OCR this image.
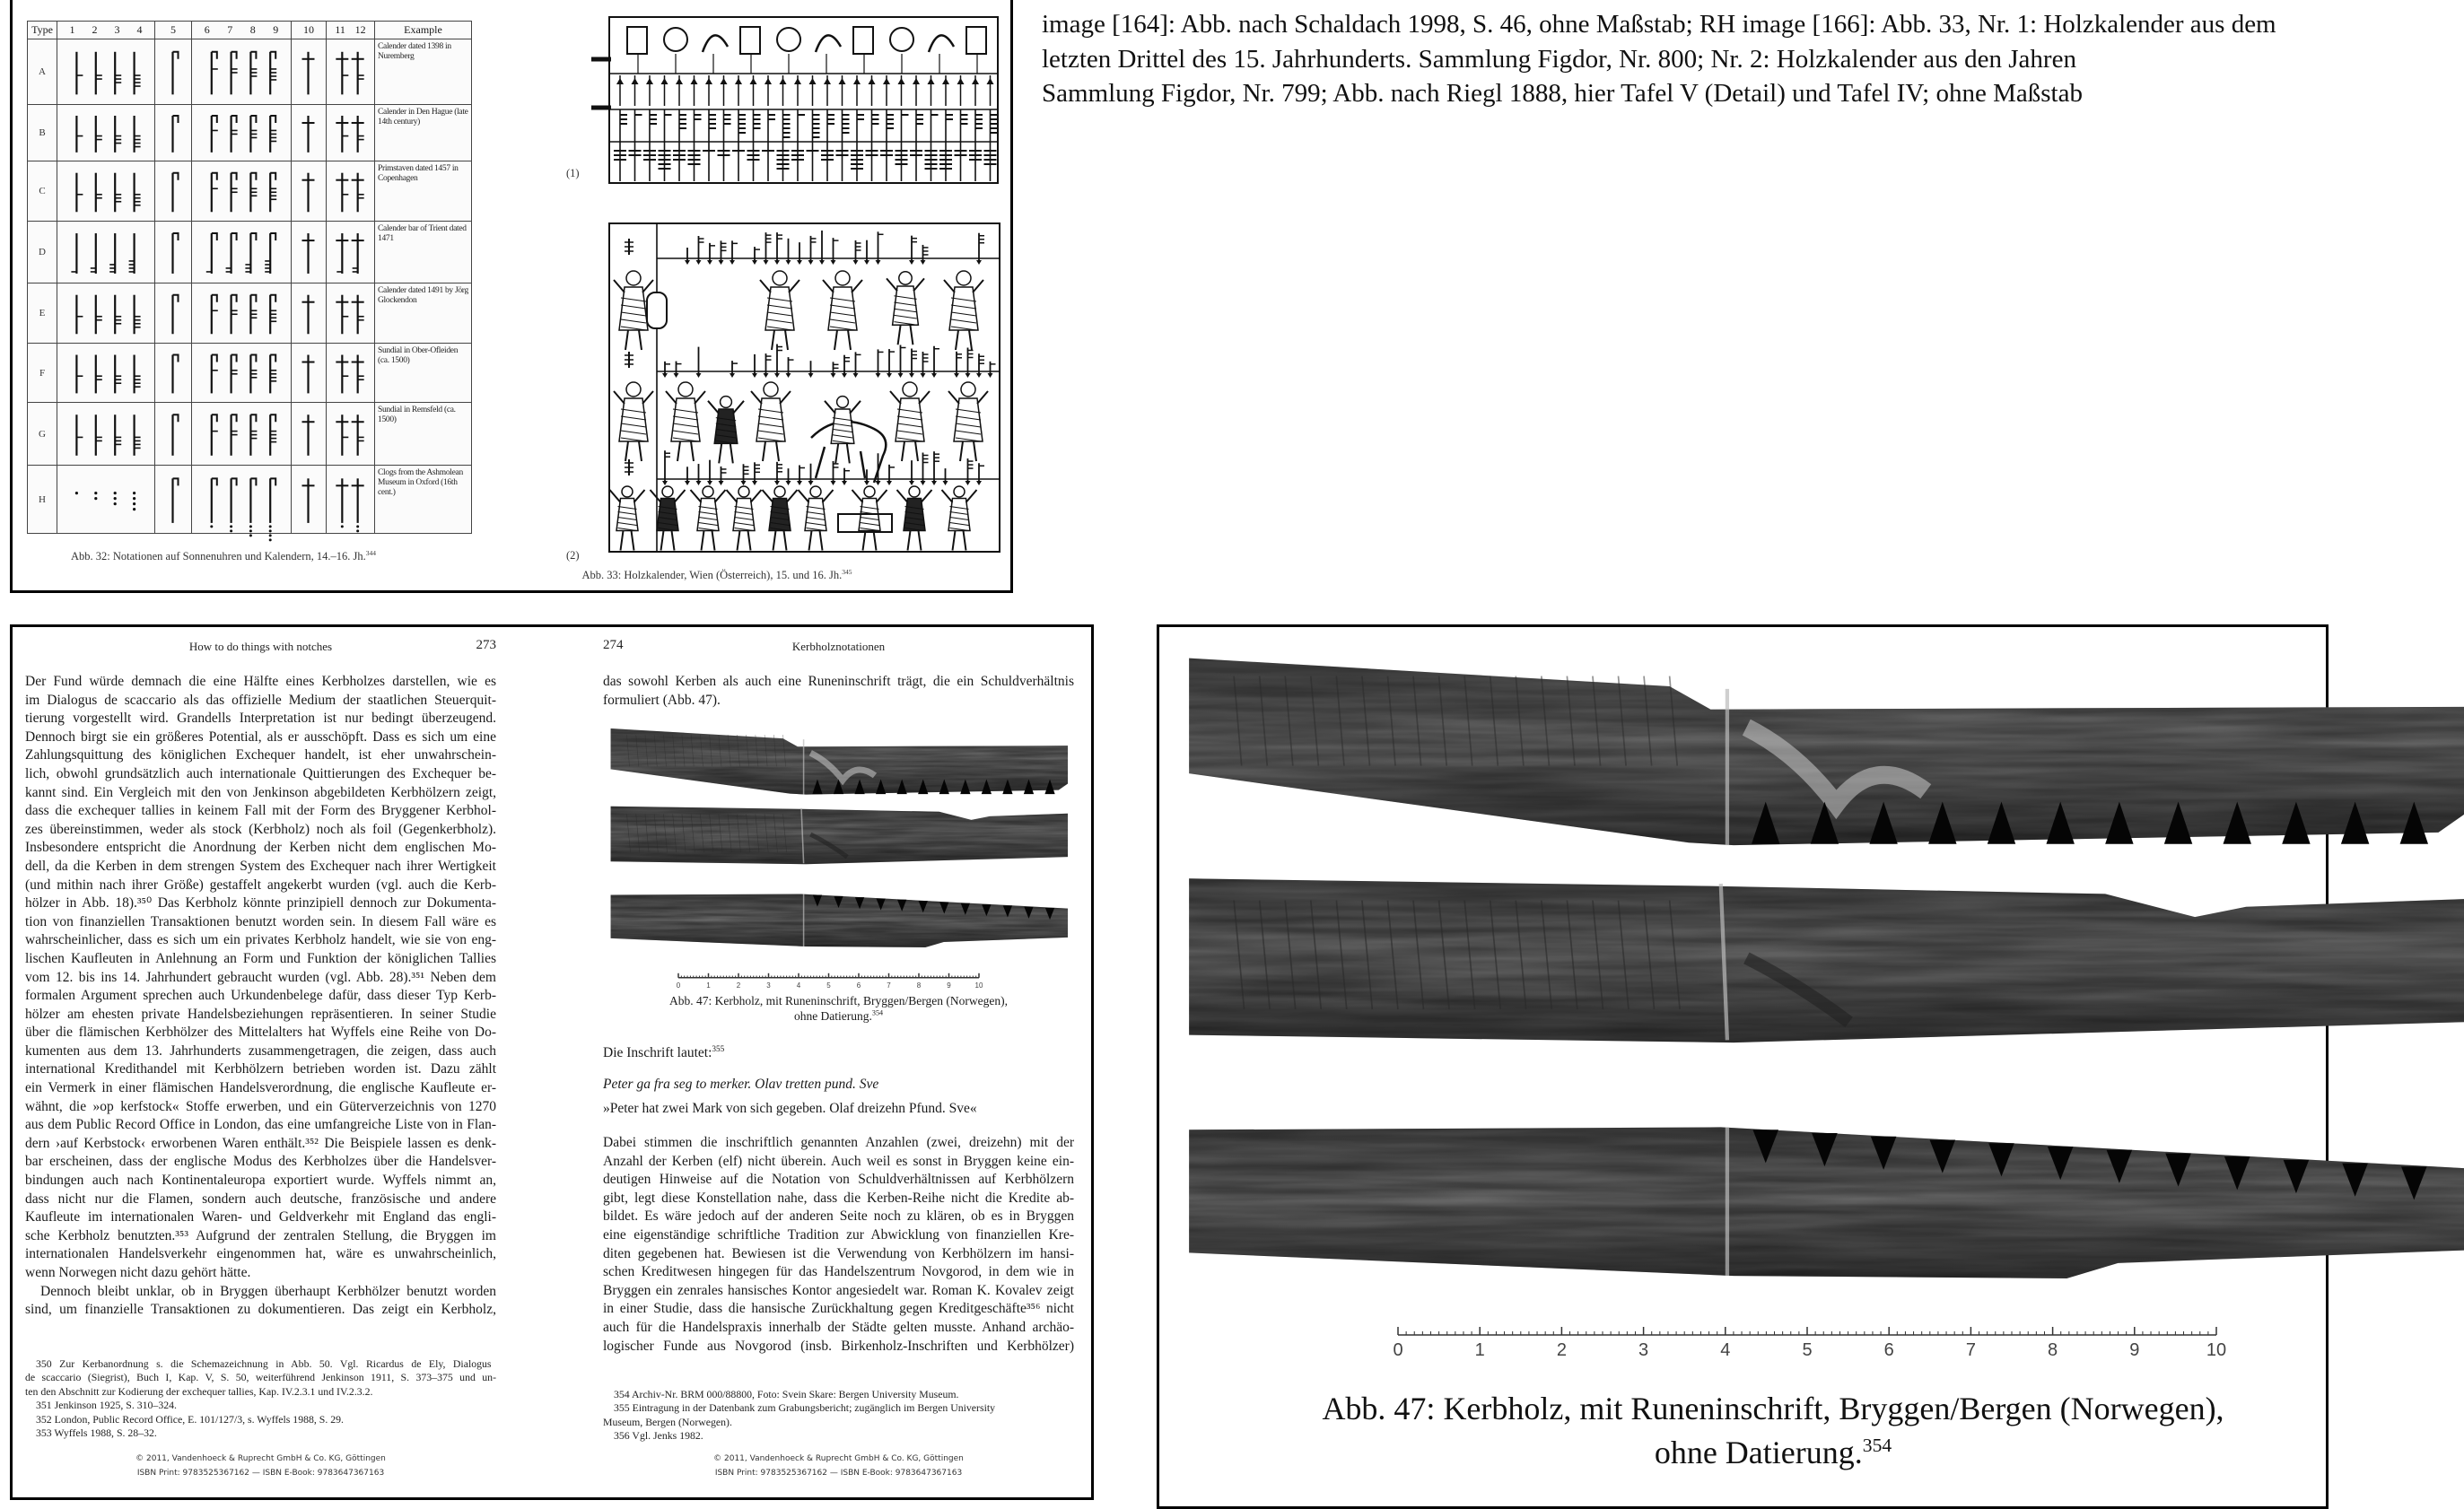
image [164]: Abb. nach Schaldach 1998, S. 46, ohne Maßstab; RH image [166]: Abb. 33, Nr. 1: Holzkalender aus dem
letzten Drittel des 15. Jahrhunderts. Sammlung Figdor, Nr. 800; Nr. 2: Holzkalender aus den Jahren
Sammlung Figdor, Nr. 799; Abb. nach Riegl 1888, hier Tafel V (Detail) und Tafel IV; ohne Maßstab
Type	1 2 3 4	5	6 7 8 9	10	11 12	Example
A						Calender dated 1398 in Nuremberg
B						Calender in Den Hague (late 14th century)
C						Primstaven dated 1457 in Copenhagen
D						Calender bar of Trient dated 1471
E						Calender dated 1491 by Jörg Glockendon
F						Sundial in Ober-Ofleiden (ca. 1500)
G						Sundial in Remsfeld (ca. 1500)
H						Clogs from the Ashmolean Museum in Oxford (16th cent.)
Abb. 32: Notationen auf Sonnenuhren und Kalendern, 14.–16. Jh.$^{344}$
(1)
(2)
Abb. 33: Holzkalender, Wien (Österreich), 15. und 16. Jh.$^{345}$
How to do things with notches	273
Der Fund würde demnach die eine Hälfte eines Kerbholzes darstellen, wie es
im Dialogus de scaccario als das offizielle Medium der staatlichen Steuerquit-
tierung vorgestellt wird. Grandells Interpretation ist nur bedingt überzeugend.
Dennoch birgt sie ein größeres Potential, als er ausschöpft. Dass es sich um eine
Zahlungsquittung des königlichen Exchequer handelt, ist eher unwahrschein-
lich, obwohl grundsätzlich auch internationale Quittierungen des Exchequer be-
kannt sind. Ein Vergleich mit den von Jenkinson abgebildeten Kerbhölzern zeigt,
dass die exchequer tallies in keinem Fall mit der Form des Bryggener Kerbhol-
zes übereinstimmen, weder als stock (Kerbholz) noch als foil (Gegenkerbholz).
Insbesondere entspricht die Anordnung der Kerben nicht dem englischen Mo-
dell, da die Kerben in dem strengen System des Exchequer nach ihrer Wertigkeit
(und mithin nach ihrer Größe) gestaffelt angekerbt wurden (vgl. auch die Kerb-
hölzer in Abb. 18).³⁵⁰ Das Kerbholz könnte prinzipiell dennoch zur Dokumenta-
tion von finanziellen Transaktionen benutzt worden sein. In diesem Fall wäre es
wahrscheinlicher, dass es sich um ein privates Kerbholz handelt, wie sie von eng-
lischen Kaufleuten in Anlehnung an Form und Funktion der königlichen Tallies
vom 12. bis ins 14. Jahrhundert gebraucht wurden (vgl. Abb. 28).³⁵¹ Neben dem
formalen Argument sprechen auch Urkundenbelege dafür, dass dieser Typ Kerb-
hölzer am ehesten private Handelsbeziehungen repräsentieren. In seiner Studie
über die flämischen Kerbhölzer des Mittelalters hat Wyffels eine Reihe von Do-
kumenten aus dem 13. Jahrhunderts zusammengetragen, die zeigen, dass auch
international Kredithandel mit Kerbhölzern betrieben worden ist. Dazu zählt
ein Vermerk in einer flämischen Handelsverordnung, die englische Kaufleute er-
wähnt, die »op kerfstock« Stoffe erwerben, und ein Güterverzeichnis von 1270
aus dem Public Record Office in London, das eine umfangreiche Liste von in Flan-
dern ›auf Kerbstock‹ erworbenen Waren enthält.³⁵² Die Beispiele lassen es denk-
bar erscheinen, dass der englische Modus des Kerbholzes über die Handelsver-
bindungen auch nach Kontinentaleuropa exportiert wurde. Wyffels nimmt an,
dass nicht nur die Flamen, sondern auch deutsche, französische und andere
Kaufleute im internationalen Waren- und Geldverkehr mit England das engli-
sche Kerbholz benutzten.³⁵³ Aufgrund der zentralen Stellung, die Bryggen im
internationalen Handelsverkehr eingenommen hat, wäre es unwahrscheinlich,
wenn Norwegen nicht dazu gehört hätte.
Dennoch bleibt unklar, ob in Bryggen überhaupt Kerbhölzer benutzt worden
sind, um finanzielle Transaktionen zu dokumentieren. Das zeigt ein Kerbholz,
350 Zur Kerbanordnung s. die Schemazeichnung in Abb. 50. Vgl. Ricardus de Ely, Dialogus
de scaccario (Siegrist), Buch I, Kap. V, S. 50, weiterführend Jenkinson 1911, S. 373–375 und un-
ten den Abschnitt zur Kodierung der exchequer tallies, Kap. IV.2.3.1 und IV.2.3.2.
351 Jenkinson 1925, S. 310–324.
352 London, Public Record Office, E. 101/127/3, s. Wyffels 1988, S. 29.
353 Wyffels 1988, S. 28–32.
© 2011, Vandenhoeck & Ruprecht GmbH & Co. KG, Göttingen
ISBN Print: 9783525367162 — ISBN E-Book: 9783647367163
274	Kerbholznotationen
das sowohl Kerben als auch eine Runeninschrift trägt, die ein Schuldverhältnis
formuliert (Abb. 47).
0	1	2	3	4	5	6	7	8	9	10
Abb. 47: Kerbholz, mit Runeninschrift, Bryggen/Bergen (Norwegen),
ohne Datierung.$^{354}$
Die Inschrift lautet:$^{355}$
Peter ga fra seg to merker. Olav tretten pund. Sve
»Peter hat zwei Mark von sich gegeben. Olaf dreizehn Pfund. Sve«
Dabei stimmen die inschriftlich genannten Anzahlen (zwei, dreizehn) mit der
Anzahl der Kerben (elf) nicht überein. Auch weil es sonst in Bryggen keine ein-
deutigen Hinweise auf die Notation von Schuldverhältnissen auf Kerbhölzern
gibt, legt diese Konstellation nahe, dass die Kerben-Reihe nicht die Kredite ab-
bildet. Es wäre jedoch auf der anderen Seite noch zu klären, ob es in Bryggen
eine eigenständige schriftliche Tradition zur Abwicklung von finanziellen Kre-
diten gegebenen hat. Bewiesen ist die Verwendung von Kerbhölzern im hansi-
schen Kreditwesen hingegen für das Handelszentrum Novgorod, in dem wie in
Bryggen ein zenrales hansisches Kontor angesiedelt war. Roman K. Kovalev zeigt
in einer Studie, dass die hansische Zurückhaltung gegen Kreditgeschäfte³⁵⁶ nicht
auch für die Handelspraxis innerhalb der Städte gelten musste. Anhand archäo-
logischer Funde aus Novgorod (insb. Birkenholz-Inschriften und Kerbhölzer)
354 Archiv-Nr. BRM 000/88800, Foto: Svein Skare: Bergen University Museum.
355 Eintragung in der Datenbank zum Grabungsbericht; zugänglich im Bergen University
Museum, Bergen (Norwegen).
356 Vgl. Jenks 1982.
© 2011, Vandenhoeck & Ruprecht GmbH & Co. KG, Göttingen
ISBN Print: 9783525367162 — ISBN E-Book: 9783647367163
0	1	2	3	4	5	6	7	8	9	10
Abb. 47: Kerbholz, mit Runeninschrift, Bryggen/Bergen (Norwegen),
ohne Datierung.$^{354}$
